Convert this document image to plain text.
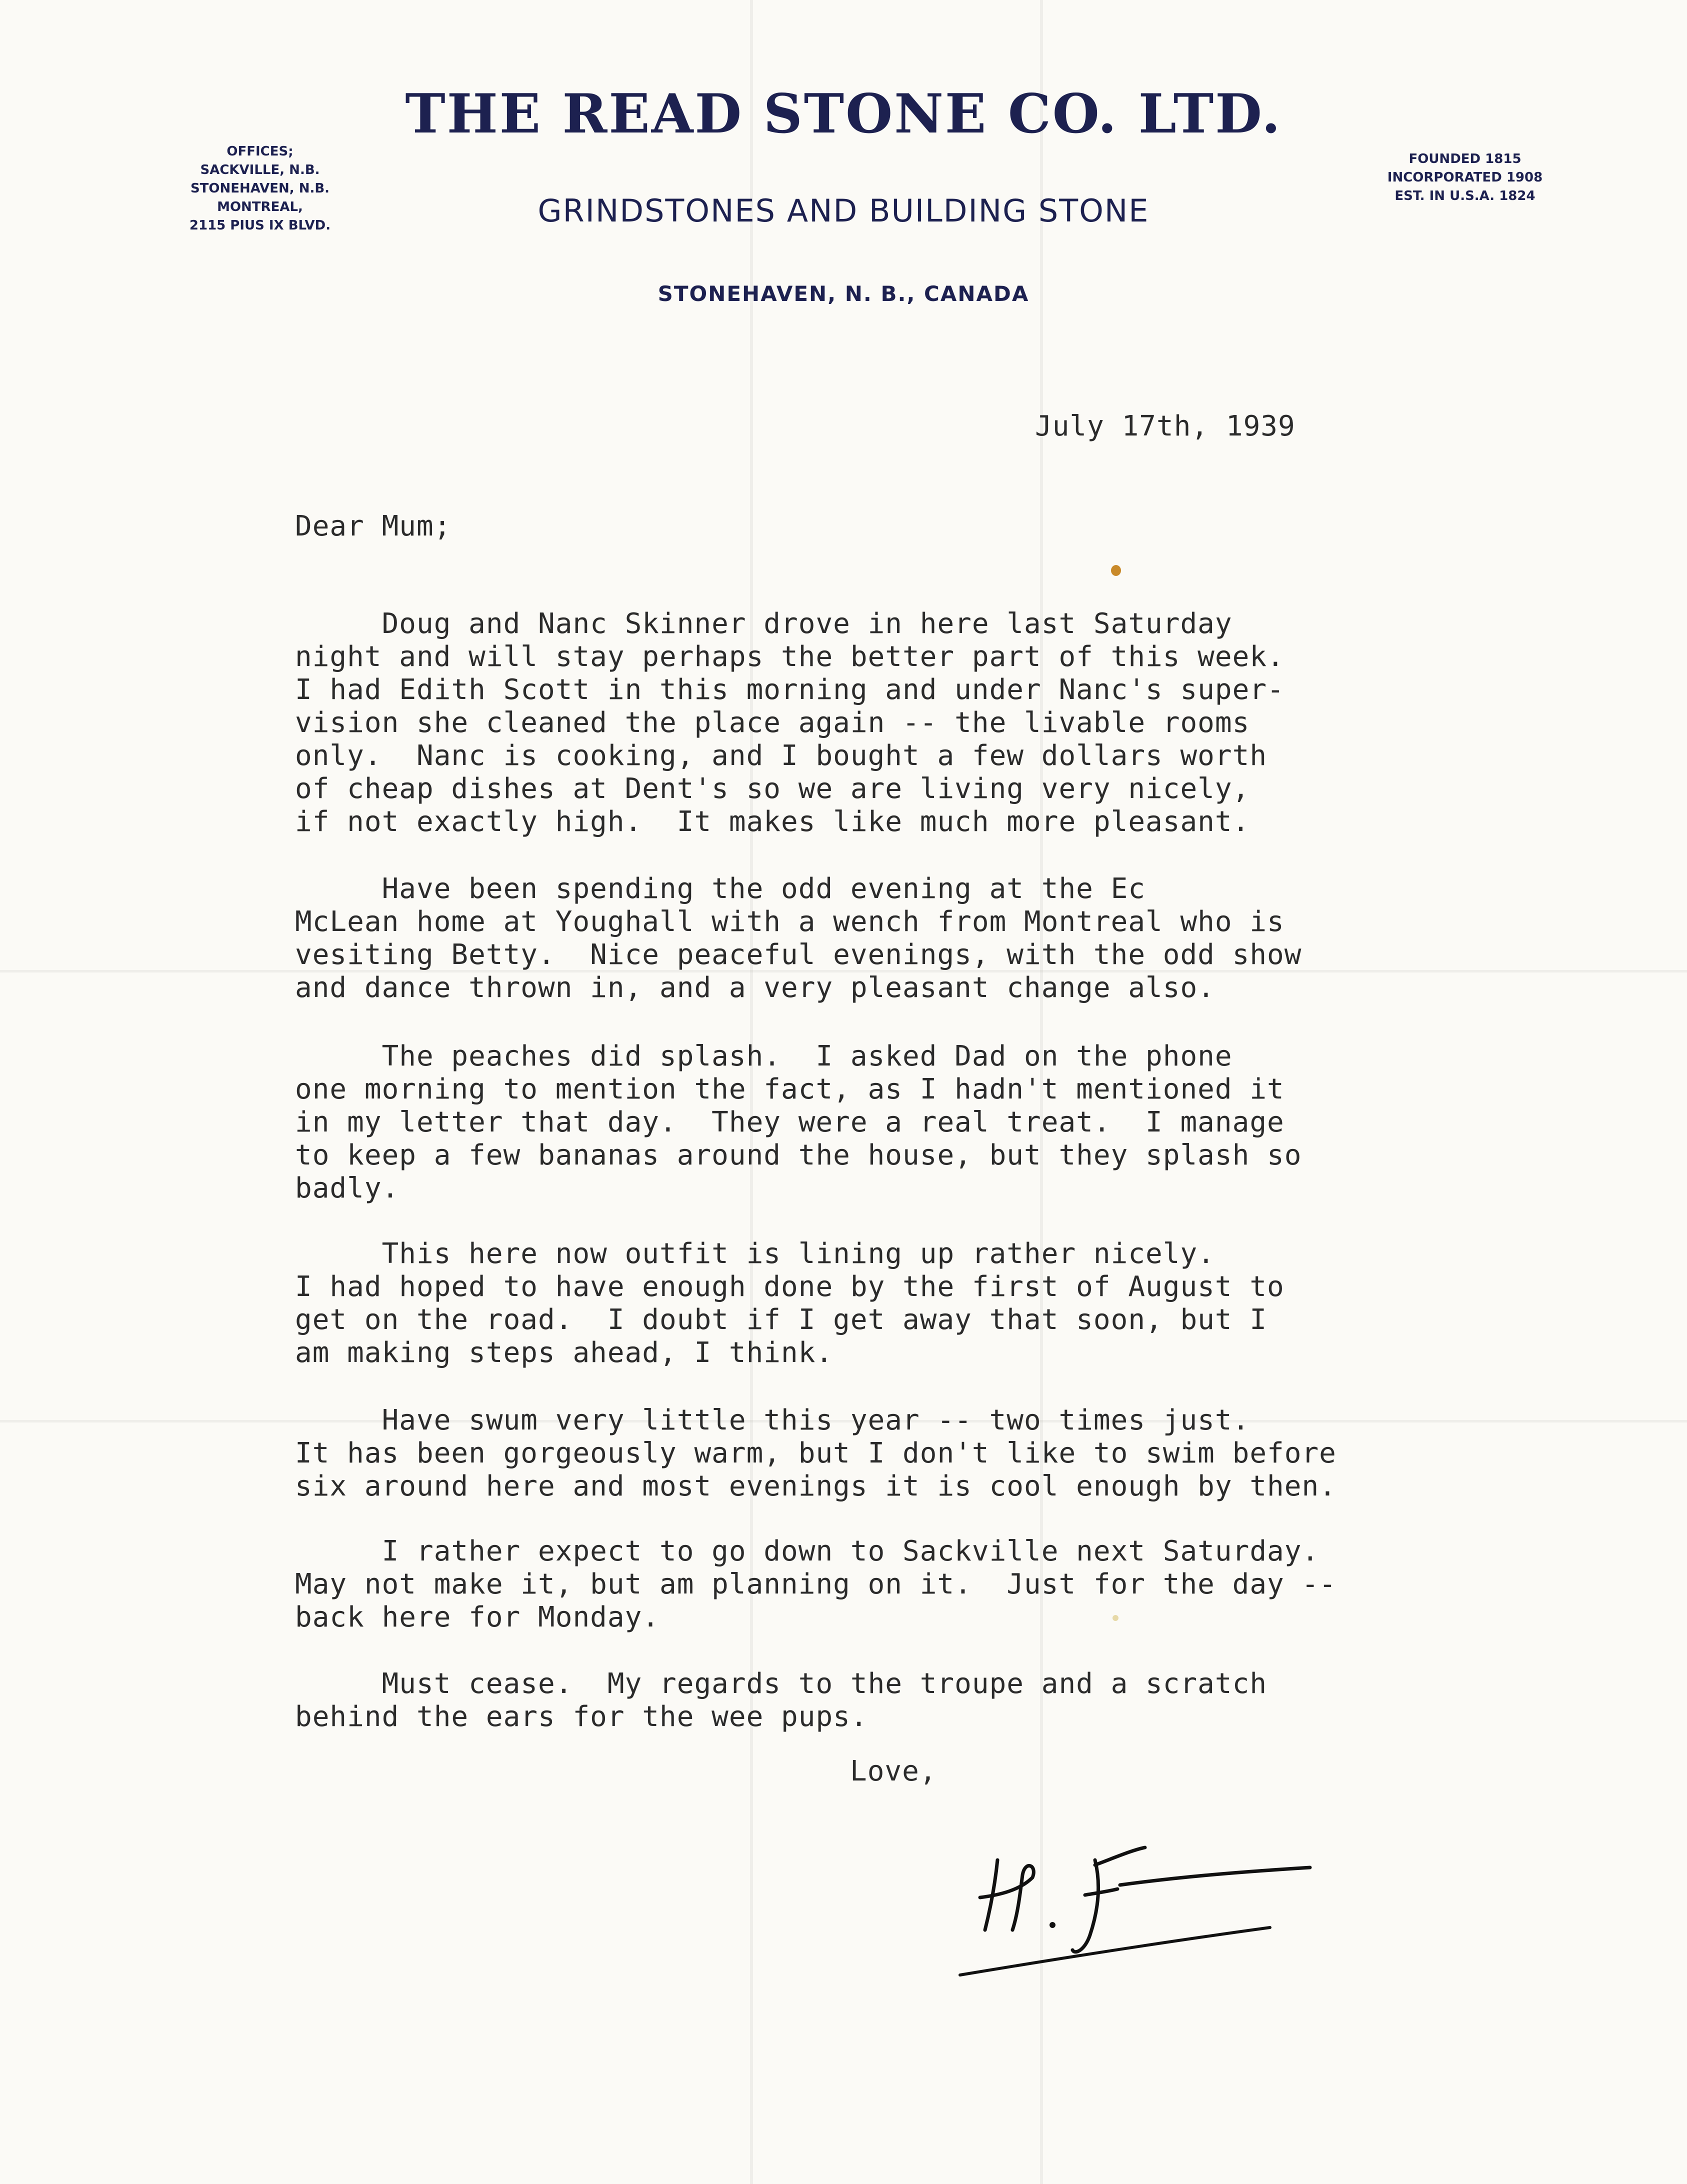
THE READ STONE CO. LTD.
GRINDSTONES AND BUILDING STONE
STONEHAVEN, N. B., CANADA
OFFICES;
SACKVILLE, N.B.
STONEHAVEN, N.B.
MONTREAL,
2115 PIUS IX BLVD.
FOUNDED 1815
INCORPORATED 1908
EST. IN U.S.A. 1824
July 17th, 1939
Dear Mum;
Doug and Nanc Skinner drove in here last Saturday
night and will stay perhaps the better part of this week.
I had Edith Scott in this morning and under Nanc's super-
vision she cleaned the place again -- the livable rooms
only.  Nanc is cooking, and I bought a few dollars worth
of cheap dishes at Dent's so we are living very nicely,
if not exactly high.  It makes like much more pleasant.
Have been spending the odd evening at the Ec
McLean home at Youghall with a wench from Montreal who is
vesiting Betty.  Nice peaceful evenings, with the odd show
and dance thrown in, and a very pleasant change also.
The peaches did splash.  I asked Dad on the phone
one morning to mention the fact, as I hadn't mentioned it
in my letter that day.  They were a real treat.  I manage
to keep a few bananas around the house, but they splash so
badly.
This here now outfit is lining up rather nicely.
I had hoped to have enough done by the first of August to
get on the road.  I doubt if I get away that soon, but I
am making steps ahead, I think.
Have swum very little this year -- two times just.
It has been gorgeously warm, but I don't like to swim before
six around here and most evenings it is cool enough by then.
I rather expect to go down to Sackville next Saturday.
May not make it, but am planning on it.  Just for the day --
back here for Monday.
Must cease.  My regards to the troupe and a scratch
behind the ears for the wee pups.
Love,
